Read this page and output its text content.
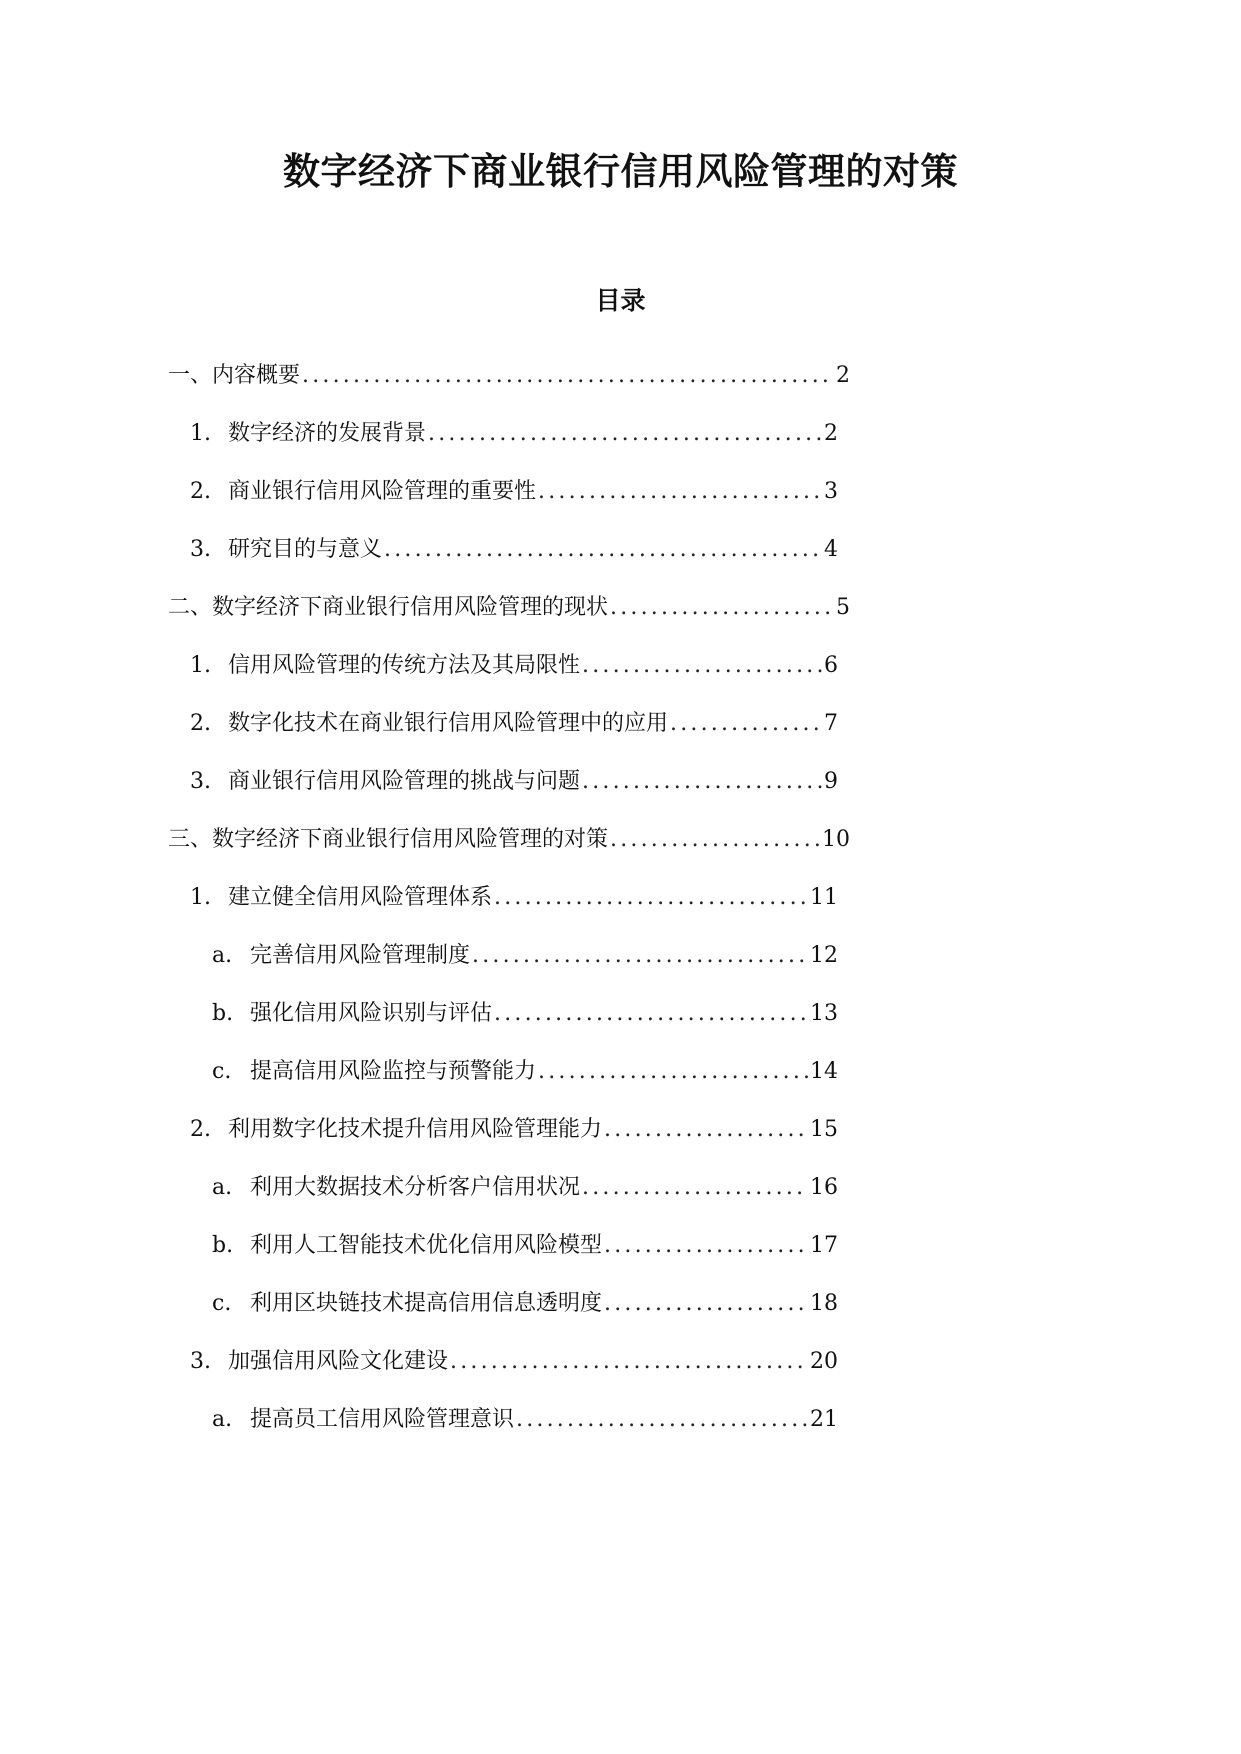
数字经济下商业银行信用风险管理的对策
目录
一、 内容概要 .....	2
1. 数字经济的发展背景 .....	2
2. 商业银行信用风险管理的重要性 .....	3
3. 研究目的与意义 .....	4
二、 数字经济下商业银行信用风险管理的现状 .....	5
1. 信用风险管理的传统方法及其局限性 .....	6
2. 数字化技术在商业银行信用风险管理中的应用 .....	7
3. 商业银行信用风险管理的挑战与问题 .....	9
三、 数字经济下商业银行信用风险管理的对策 .....	10
1. 建立健全信用风险管理体系 .....	11
a. 完善信用风险管理制度 .....	12
b. 强化信用风险识别与评估 .....	13
c. 提高信用风险监控与预警能力 .....	14
2. 利用数字化技术提升信用风险管理能力 .....	15
a. 利用大数据技术分析客户信用状况 .....	16
b. 利用人工智能技术优化信用风险模型 .....	17
c. 利用区块链技术提高信用信息透明度 .....	18
3. 加强信用风险文化建设 .....	20
a. 提高员工信用风险管理意识 .....	21
